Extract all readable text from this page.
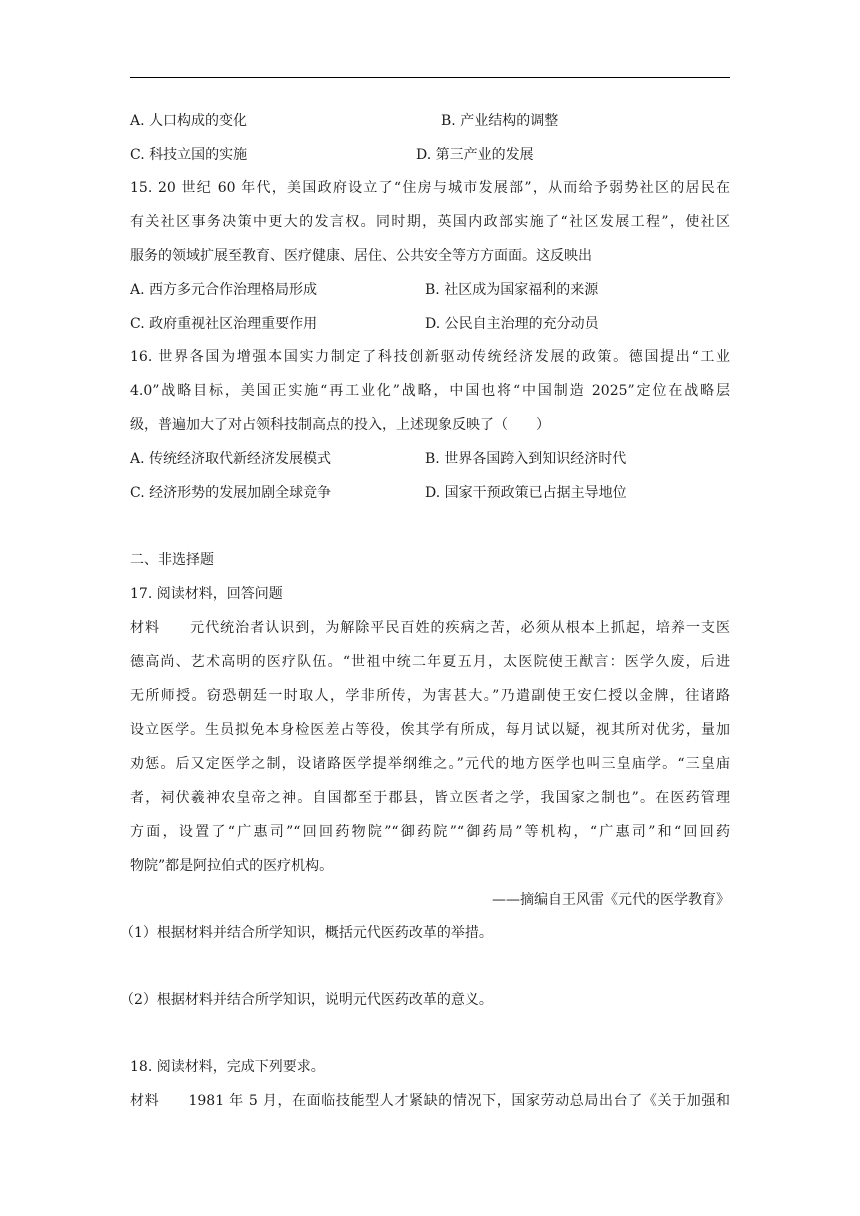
A. 人口构成的变化	B. 产业结构的调整
C. 科技立国的实施	D. 第三产业的发展
15. 20 世纪 60 年代，美国政府设立了“住房与城市发展部”，从而给予弱势社区的居民在
有关社区事务决策中更大的发言权。同时期，英国内政部实施了“社区发展工程”，使社区
服务的领域扩展至教育、医疗健康、居住、公共安全等方方面面。这反映出
A. 西方多元合作治理格局形成	B. 社区成为国家福利的来源
C. 政府重视社区治理重要作用	D. 公民自主治理的充分动员
16. 世界各国为增强本国实力制定了科技创新驱动传统经济发展的政策。德国提出“工业
4.0”战略目标，美国正实施“再工业化”战略，中国也将“中国制造 2025”定位在战略层
级，普遍加大了对占领科技制高点的投入，上述现象反映了（　　）
A. 传统经济取代新经济发展模式	B. 世界各国跨入到知识经济时代
C. 经济形势的发展加剧全球竞争	D. 国家干预政策已占据主导地位
二、非选择题
17. 阅读材料，回答问题
材料　　元代统治者认识到，为解除平民百姓的疾病之苦，必须从根本上抓起，培养一支医
德高尚、艺术高明的医疗队伍。“世祖中统二年夏五月，太医院使王猷言：医学久废，后进
无所师授。窃恐朝廷一时取人，学非所传，为害甚大。”乃遣副使王安仁授以金牌，往诸路
设立医学。生员拟免本身检医差占等役，俟其学有所成，每月试以疑，视其所对优劣，量加
劝惩。后又定医学之制，设诸路医学提举纲维之。”元代的地方医学也叫三皇庙学。“三皇庙
者，祠伏羲神农皇帝之神。自国都至于郡县，皆立医者之学，我国家之制也”。在医药管理
方面，设置了“广惠司”“回回药物院”“御药院”“御药局”等机构，“广惠司”和“回回药
物院”都是阿拉伯式的医疗机构。
——摘编自王风雷《元代的医学教育》
（1）根据材料并结合所学知识，概括元代医药改革的举措。
（2）根据材料并结合所学知识，说明元代医药改革的意义。
18. 阅读材料，完成下列要求。
材料　　1981 年 5 月，在面临技能型人才紧缺的情况下，国家劳动总局出台了《关于加强和
